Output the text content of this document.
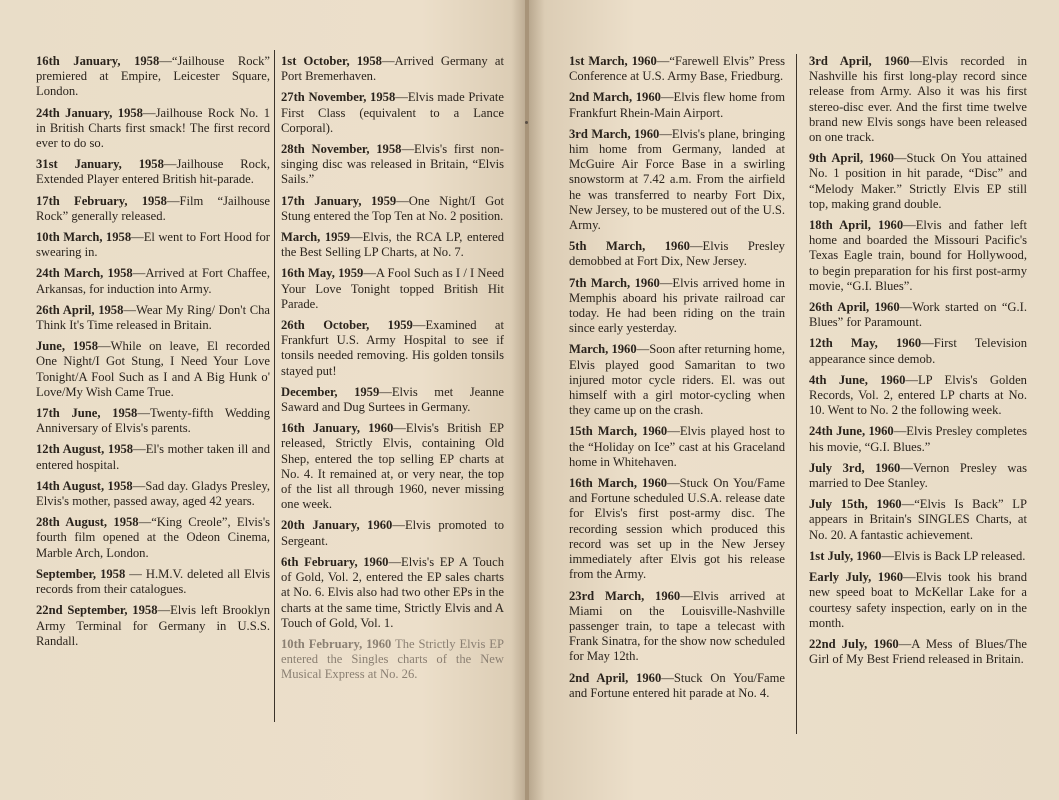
16th January, 1958—“Jailhouse Rock” premiered at Empire, Leicester Square, London.

24th January, 1958—Jailhouse Rock No. 1 in British Charts first smack! The first record ever to do so.

31st January, 1958—Jailhouse Rock, Extended Player entered British hit-parade.

17th February, 1958—Film “Jailhouse Rock” generally released.

10th March, 1958—El went to Fort Hood for swearing in.

24th March, 1958—Arrived at Fort Chaffee, Arkansas, for induction into Army.

26th April, 1958—Wear My Ring/ Don't Cha Think It's Time released in Britain.

June, 1958—While on leave, El recorded One Night/I Got Stung, I Need Your Love Tonight/A Fool Such as I and A Big Hunk o' Love/My Wish Came True.

17th June, 1958—Twenty-fifth Wedding Anniversary of Elvis's parents.

12th August, 1958—El's mother taken ill and entered hospital.

14th August, 1958—Sad day. Gladys Presley, Elvis's mother, passed away, aged 42 years.

28th August, 1958—“King Creole”, Elvis's fourth film opened at the Odeon Cinema, Marble Arch, London.

September, 1958 — H.M.V. deleted all Elvis records from their catalogues.

22nd September, 1958—Elvis left Brooklyn Army Terminal for Germany in U.S.S. Randall.

1st October, 1958—Arrived Germany at Port Bremerhaven.

27th November, 1958—Elvis made Private First Class (equivalent to a Lance Corporal).

28th November, 1958—Elvis's first non-singing disc was released in Britain, “Elvis Sails.”

17th January, 1959—One Night/I Got Stung entered the Top Ten at No. 2 position.

March, 1959—Elvis, the RCA LP, entered the Best Selling LP Charts, at No. 7.

16th May, 1959—A Fool Such as I / I Need Your Love Tonight topped British Hit Parade.

26th October, 1959—Examined at Frankfurt U.S. Army Hospital to see if tonsils needed removing. His golden tonsils stayed put!

December, 1959—Elvis met Jeanne Saward and Dug Surtees in Germany.

16th January, 1960—Elvis's British EP released, Strictly Elvis, containing Old Shep, entered the top selling EP charts at No. 4. It remained at, or very near, the top of the list all through 1960, never missing one week.

20th January, 1960—Elvis promoted to Sergeant.

6th February, 1960—Elvis's EP A Touch of Gold, Vol. 2, entered the EP sales charts at No. 6. Elvis also had two other EPs in the charts at the same time, Strictly Elvis and A Touch of Gold, Vol. 1.

10th February, 1960 The Strictly Elvis EP entered the Singles charts of the New Musical Express at No. 26.

1st March, 1960—“Farewell Elvis” Press Conference at U.S. Army Base, Friedburg.

2nd March, 1960—Elvis flew home from Frankfurt Rhein-Main Airport.

3rd March, 1960—Elvis's plane, bringing him home from Germany, landed at McGuire Air Force Base in a swirling snowstorm at 7.42 a.m. From the airfield he was transferred to nearby Fort Dix, New Jersey, to be mustered out of the U.S. Army.

5th March, 1960—Elvis Presley demobbed at Fort Dix, New Jersey.

7th March, 1960—Elvis arrived home in Memphis aboard his private railroad car today. He had been riding on the train since early yesterday.

March, 1960—Soon after returning home, Elvis played good Samaritan to two injured motor cycle riders. El. was out himself with a girl motor-cycling when they came up on the crash.

15th March, 1960—Elvis played host to the “Holiday on Ice” cast at his Graceland home in Whitehaven.

16th March, 1960—Stuck On You/Fame and Fortune scheduled U.S.A. release date for Elvis's first post-army disc. The recording session which produced this record was set up in the New Jersey immediately after Elvis got his release from the Army.

23rd March, 1960—Elvis arrived at Miami on the Louisville-Nashville passenger train, to tape a telecast with Frank Sinatra, for the show now scheduled for May 12th.

2nd April, 1960—Stuck On You/Fame and Fortune entered hit parade at No. 4.

3rd April, 1960—Elvis recorded in Nashville his first long-play record since release from Army. Also it was his first stereo-disc ever. And the first time twelve brand new Elvis songs have been released on one track.

9th April, 1960—Stuck On You attained No. 1 position in hit parade, “Disc” and “Melody Maker.” Strictly Elvis EP still top, making grand double.

18th April, 1960—Elvis and father left home and boarded the Missouri Pacific's Texas Eagle train, bound for Hollywood, to begin preparation for his first post-army movie, “G.I. Blues”.

26th April, 1960—Work started on “G.I. Blues” for Paramount.

12th May, 1960—First Television appearance since demob.

4th June, 1960—LP Elvis's Golden Records, Vol. 2, entered LP charts at No. 10. Went to No. 2 the following week.

24th June, 1960—Elvis Presley completes his movie, “G.I. Blues.”

July 3rd, 1960—Vernon Presley was married to Dee Stanley.

July 15th, 1960—“Elvis Is Back” LP appears in Britain's SINGLES Charts, at No. 20. A fantastic achievement.

1st July, 1960—Elvis is Back LP released.

Early July, 1960—Elvis took his brand new speed boat to McKellar Lake for a courtesy safety inspection, early on in the month.

22nd July, 1960—A Mess of Blues/The Girl of My Best Friend released in Britain.
